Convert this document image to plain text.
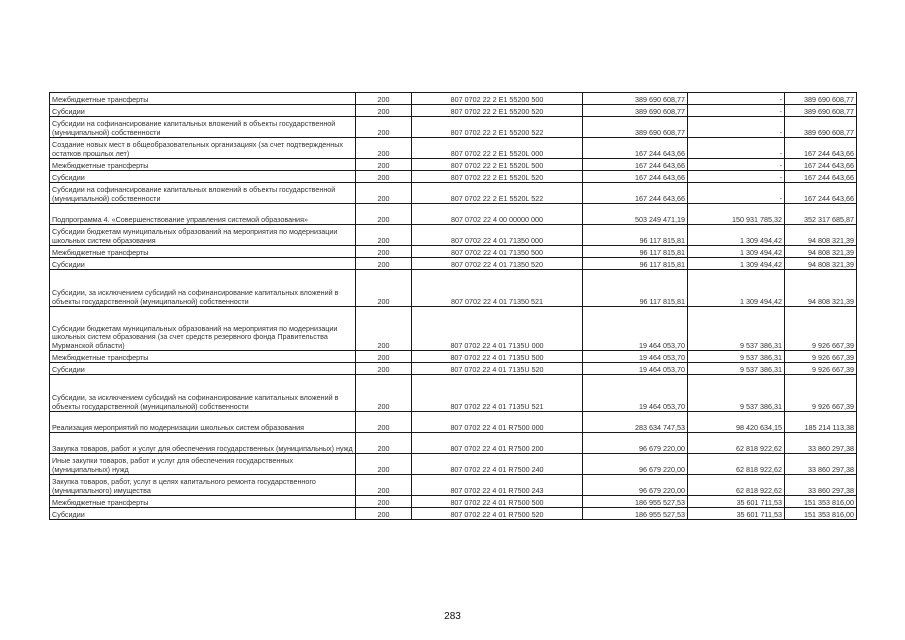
Межбюджетные трансферты	200	807 0702 22 2 E1 55200 500	389 690 608,77	-	389 690 608,77
Субсидии	200	807 0702 22 2 E1 55200 520	389 690 608,77	-	389 690 608,77
Субсидии на софинансирование капитальных вложений в объекты государственной (муниципальной) собственности	200	807 0702 22 2 E1 55200 522	389 690 608,77	-	389 690 608,77
Создание новых мест в общеобразовательных организациях (за счет подтвержденных остатков прошлых лет)	200	807 0702 22 2 E1 5520L 000	167 244 643,66	-	167 244 643,66
Межбюджетные трансферты	200	807 0702 22 2 E1 5520L 500	167 244 643,66	-	167 244 643,66
Субсидии	200	807 0702 22 2 E1 5520L 520	167 244 643,66	-	167 244 643,66
Субсидии на софинансирование капитальных вложений в объекты государственной (муниципальной) собственности	200	807 0702 22 2 E1 5520L 522	167 244 643,66	-	167 244 643,66
Подпрограмма 4. «Совершенствование управления системой образования»	200	807 0702 22 4 00 00000 000	503 249 471,19	150 931 785,32	352 317 685,87
Субсидии бюджетам муниципальных образований на мероприятия по модернизации школьных систем образования	200	807 0702 22 4 01 71350 000	96 117 815,81	1 309 494,42	94 808 321,39
Межбюджетные трансферты	200	807 0702 22 4 01 71350 500	96 117 815,81	1 309 494,42	94 808 321,39
Субсидии	200	807 0702 22 4 01 71350 520	96 117 815,81	1 309 494,42	94 808 321,39
Субсидии, за исключением субсидий на софинансирование капитальных вложений в объекты государственной (муниципальной) собственности	200	807 0702 22 4 01 71350 521	96 117 815,81	1 309 494,42	94 808 321,39
Субсидии бюджетам муниципальных образований на мероприятия по модернизации школьных систем образования (за счет средств резервного фонда Правительства Мурманской области)	200	807 0702 22 4 01 7135U 000	19 464 053,70	9 537 386,31	9 926 667,39
Межбюджетные трансферты	200	807 0702 22 4 01 7135U 500	19 464 053,70	9 537 386,31	9 926 667,39
Субсидии	200	807 0702 22 4 01 7135U 520	19 464 053,70	9 537 386,31	9 926 667,39
Субсидии, за исключением субсидий на софинансирование капитальных вложений в объекты государственной (муниципальной) собственности	200	807 0702 22 4 01 7135U 521	19 464 053,70	9 537 386,31	9 926 667,39
Реализация мероприятий по модернизации школьных систем образования	200	807 0702 22 4 01 R7500 000	283 634 747,53	98 420 634,15	185 214 113,38
Закупка товаров, работ и услуг для обеспечения государственных (муниципальных) нужд	200	807 0702 22 4 01 R7500 200	96 679 220,00	62 818 922,62	33 860 297,38
Иные закупки товаров, работ и услуг для обеспечения государственных (муниципальных) нужд	200	807 0702 22 4 01 R7500 240	96 679 220,00	62 818 922,62	33 860 297,38
Закупка товаров, работ, услуг в целях капитального ремонта государственного (муниципального) имущества	200	807 0702 22 4 01 R7500 243	96 679 220,00	62 818 922,62	33 860 297,38
Межбюджетные трансферты	200	807 0702 22 4 01 R7500 500	186 955 527,53	35 601 711,53	151 353 816,00
Субсидии	200	807 0702 22 4 01 R7500 520	186 955 527,53	35 601 711,53	151 353 816,00
283
